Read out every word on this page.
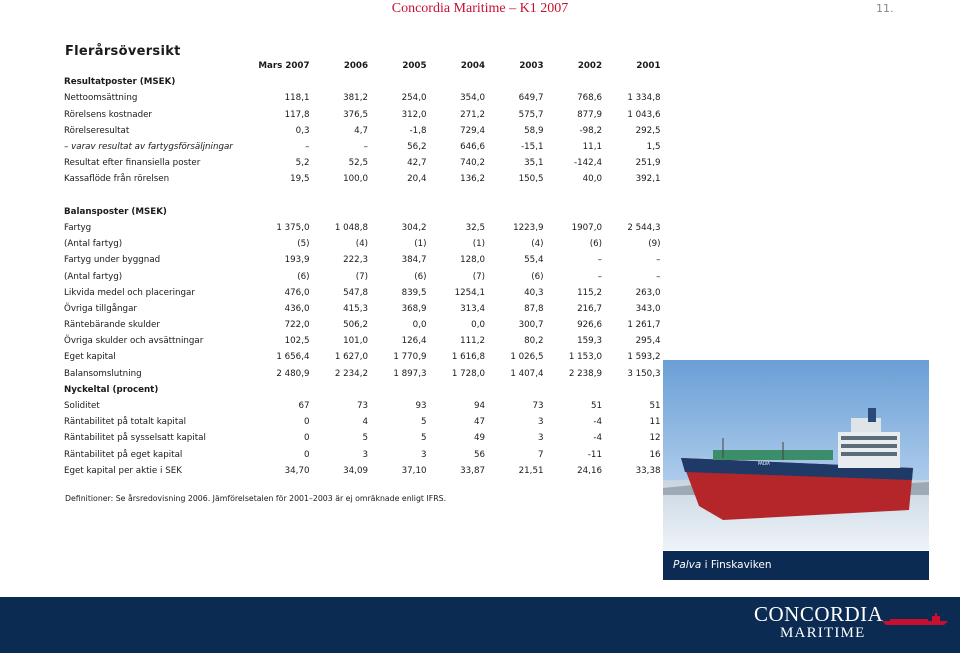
Concordia Maritime – K1 2007	11.
Flerårsöversikt
	Mars 2007	2006	2005	2004	2003	2002	2001
Resultatposter (MSEK)							
Nettoomsättning	118,1	381,2	254,0	354,0	649,7	768,6	1 334,8
Rörelsens kostnader	117,8	376,5	312,0	271,2	575,7	877,9	1 043,6
Rörelseresultat	0,3	4,7	-1,8	729,4	58,9	-98,2	292,5
– varav resultat av fartygsförsäljningar	–	–	56,2	646,6	-15,1	11,1	1,5
Resultat efter finansiella poster	5,2	52,5	42,7	740,2	35,1	-142,4	251,9
Kassaflöde från rörelsen	19,5	100,0	20,4	136,2	150,5	40,0	392,1

Balansposter (MSEK)							
Fartyg	1 375,0	1 048,8	304,2	32,5	1223,9	1907,0	2 544,3
(Antal fartyg)	(5)	(4)	(1)	(1)	(4)	(6)	(9)
Fartyg under byggnad	193,9	222,3	384,7	128,0	55,4	–	–
(Antal fartyg)	(6)	(7)	(6)	(7)	(6)	–	–
Likvida medel och placeringar	476,0	547,8	839,5	1254,1	40,3	115,2	263,0
Övriga tillgångar	436,0	415,3	368,9	313,4	87,8	216,7	343,0
Räntebärande skulder	722,0	506,2	0,0	0,0	300,7	926,6	1 261,7
Övriga skulder och avsättningar	102,5	101,0	126,4	111,2	80,2	159,3	295,4
Eget kapital	1 656,4	1 627,0	1 770,9	1 616,8	1 026,5	1 153,0	1 593,2
Balansomslutning	2 480,9	2 234,2	1 897,3	1 728,0	1 407,4	2 238,9	3 150,3
Nyckeltal (procent)							
Soliditet	67	73	93	94	73	51	51
Räntabilitet på totalt kapital	0	4	5	47	3	-4	11
Räntabilitet på sysselsatt kapital	0	5	5	49	3	-4	12
Räntabilitet på eget kapital	0	3	3	56	7	-11	16
Eget kapital per aktie i SEK	34,70	34,09	37,10	33,87	21,51	24,16	33,38
Definitioner: Se årsredovisning 2006. Jämförelsetalen för 2001–2003 är ej omräknade enligt IFRS.
PALVA
Palva i Finskaviken
CONCORDIA
MARITIME
